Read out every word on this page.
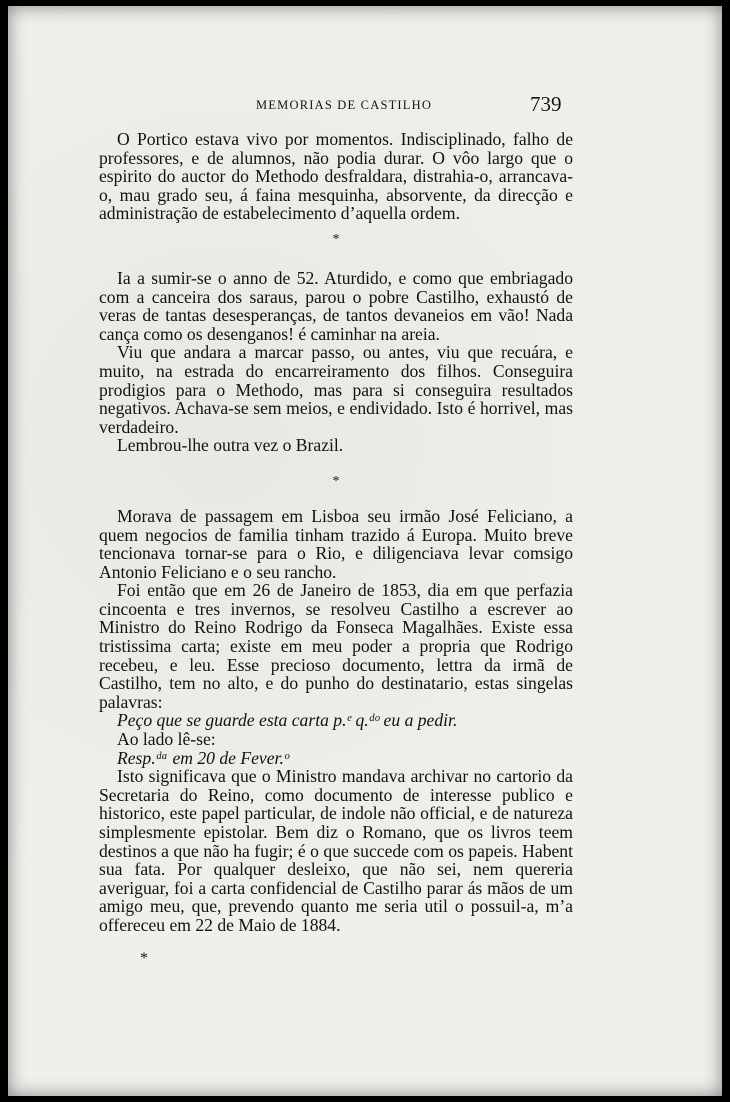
MEMORIAS DE CASTILHO	739

O Portico estava vivo por momentos. Indisciplinado, falho de professores, e de alumnos, não podia durar. O vôo largo que o espirito do auctor do Methodo desfraldara, distrahia-o, arrancava-o, mau grado seu, á faina mesquinha, absorvente, da direcção e administração de estabelecimento d’aquella ordem.

*

Ia a sumir-se o anno de 52. Aturdido, e como que embriagado com a canceira dos saraus, parou o pobre Castilho, exhaustó de veras de tantas desesperanças, de tantos devaneios em vão! Nada cança como os desenganos! é caminhar na areia.

Viu que andara a marcar passo, ou antes, viu que recuára, e muito, na estrada do encarreiramento dos filhos. Conseguira prodigios para o Methodo, mas para si conseguira resultados negativos. Achava-se sem meios, e endividado. Isto é horrivel, mas verdadeiro.

Lembrou-lhe outra vez o Brazil.

*

Morava de passagem em Lisboa seu irmão José Feliciano, a quem negocios de familia tinham trazido á Europa. Muito breve tencionava tornar-se para o Rio, e diligenciava levar comsigo Antonio Feliciano e o seu rancho.

Foi então que em 26 de Janeiro de 1853, dia em que perfazia cincoenta e tres invernos, se resolveu Castilho a escrever ao Ministro do Reino Rodrigo da Fonseca Magalhães. Existe essa tristissima carta; existe em meu poder a propria que Rodrigo recebeu, e leu. Esse precioso documento, lettra da irmã de Castilho, tem no alto, e do punho do destinatario, estas singelas palavras:

Peço que se guarde esta carta p.ᵉ q.ᵈᵒ eu a pedir.

Ao lado lê-se:

Resp.ᵈᵃ em 20 de Fever.ᵒ

Isto significava que o Ministro mandava archivar no cartorio da Secretaria do Reino, como documento de interesse publico e historico, este papel particular, de indole não official, e de natureza simplesmente epistolar. Bem diz o Romano, que os livros teem destinos a que não ha fugir; é o que succede com os papeis. Habent sua fata. Por qualquer desleixo, que não sei, nem quereria averiguar, foi a carta confidencial de Castilho parar ás mãos de um amigo meu, que, prevendo quanto me seria util o possuil-a, m’a offereceu em 22 de Maio de 1884.

*
